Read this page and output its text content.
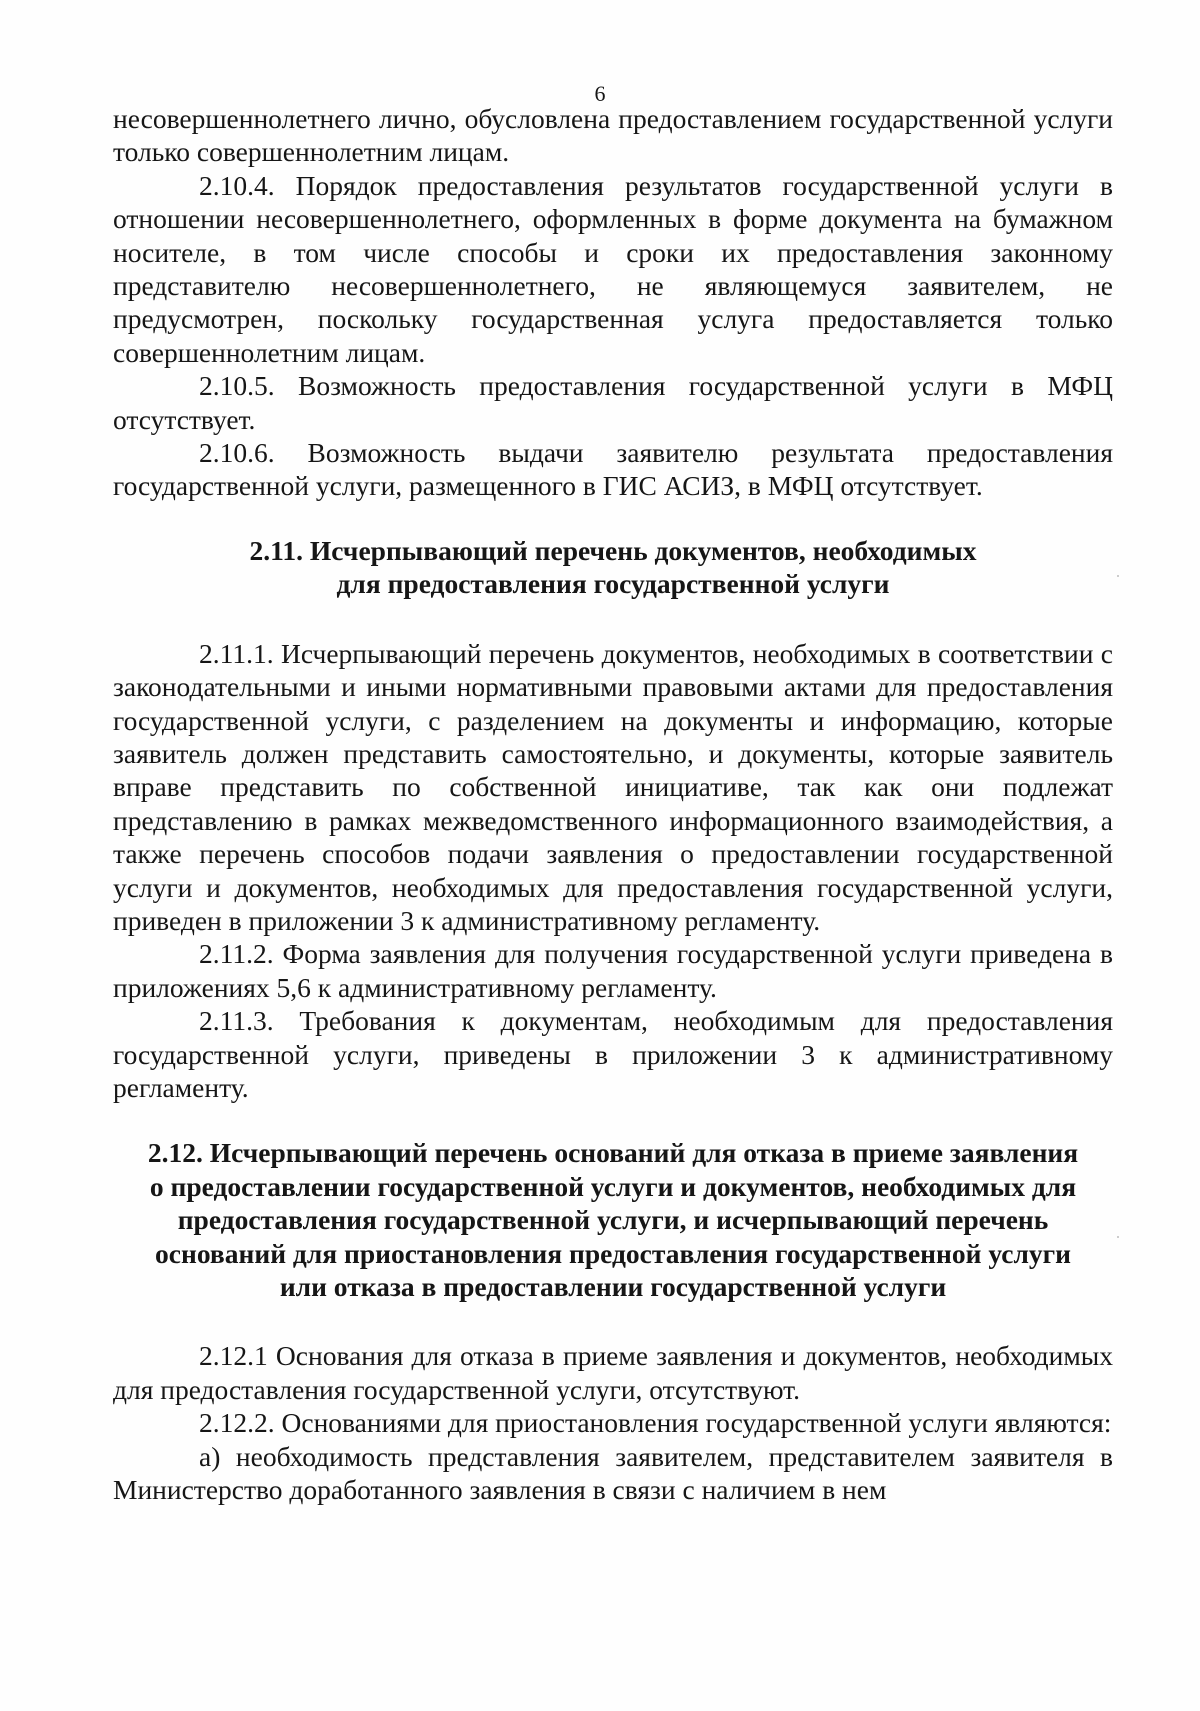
6

несовершеннолетнего лично, обусловлена предоставлением государственной услуги только совершеннолетним лицам.

2.10.4. Порядок предоставления результатов государственной услуги в отношении несовершеннолетнего, оформленных в форме документа на бумажном носителе, в том числе способы и сроки их предоставления законному представителю несовершеннолетнего, не являющемуся заявителем, не предусмотрен, поскольку государственная услуга предоставляется только совершеннолетним лицам.

2.10.5. Возможность предоставления государственной услуги в МФЦ отсутствует.

2.10.6. Возможность выдачи заявителю результата предоставления государственной услуги, размещенного в ГИС АСИЗ, в МФЦ отсутствует.

2.11. Исчерпывающий перечень документов, необходимых
для предоставления государственной услуги

2.11.1. Исчерпывающий перечень документов, необходимых в соответствии с законодательными и иными нормативными правовыми актами для предоставления государственной услуги, с разделением на документы и информацию, которые заявитель должен представить самостоятельно, и документы, которые заявитель вправе представить по собственной инициативе, так как они подлежат представлению в рамках межведомственного информационного взаимодействия, а также перечень способов подачи заявления о предоставлении государственной услуги и документов, необходимых для предоставления государственной услуги, приведен в приложении 3 к административному регламенту.

2.11.2. Форма заявления для получения государственной услуги приведена в приложениях 5,6 к административному регламенту.

2.11.3. Требования к документам, необходимым для предоставления государственной услуги, приведены в приложении 3 к административному регламенту.

2.12. Исчерпывающий перечень оснований для отказа в приеме заявления
о предоставлении государственной услуги и документов, необходимых для
предоставления государственной услуги, и исчерпывающий перечень
оснований для приостановления предоставления государственной услуги
или отказа в предоставлении государственной услуги

2.12.1 Основания для отказа в приеме заявления и документов, необходимых для предоставления государственной услуги, отсутствуют.

2.12.2. Основаниями для приостановления государственной услуги являются:

а) необходимость представления заявителем, представителем заявителя в Министерство доработанного заявления в связи с наличием в нем
